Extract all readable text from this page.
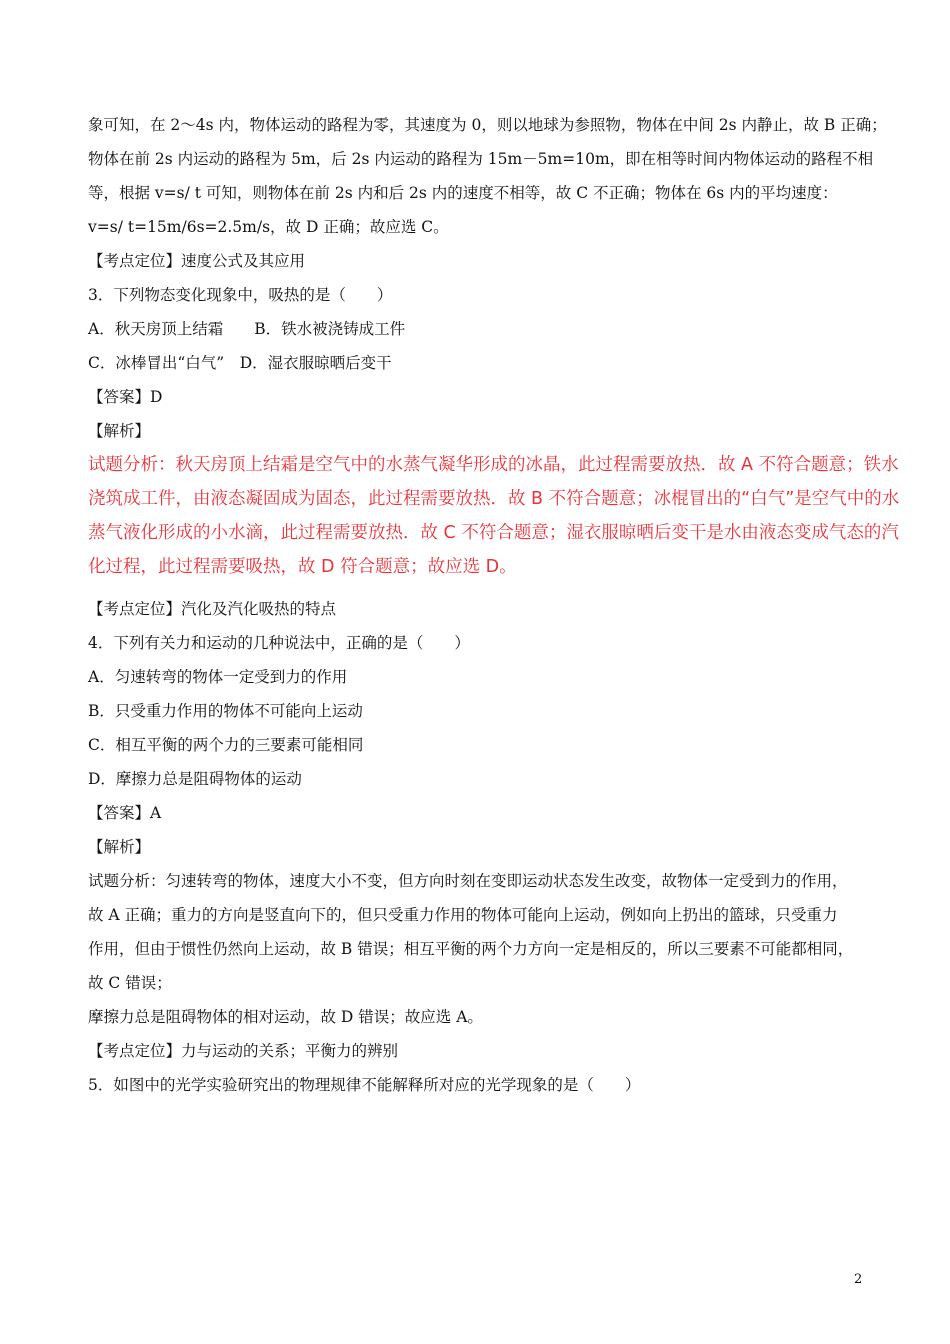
象可知，在 2～4s 内，物体运动的路程为零，其速度为 0，则以地球为参照物，物体在中间 2s 内静止，故 B 正确；
物体在前 2s 内运动的路程为 5m，后 2s 内运动的路程为 15m－5m=10m，即在相等时间内物体运动的路程不相
等，根据 v=s/ t 可知，则物体在前 2s 内和后 2s 内的速度不相等，故 C 不正确；物体在 6s 内的平均速度：
v=s/ t=15m/6s=2.5m/s，故 D 正确；故应选 C。
【考点定位】速度公式及其应用
3．下列物态变化现象中，吸热的是（　　）
A．秋天房顶上结霜　　B．铁水被浇铸成工件
C．冰棒冒出“白气”　D．湿衣服晾晒后变干
【答案】D
【解析】
试题分析：秋天房顶上结霜是空气中的水蒸气凝华形成的冰晶，此过程需要放热．故 A 不符合题意；铁水
浇筑成工件，由液态凝固成为固态，此过程需要放热．故 B 不符合题意；冰棍冒出的“白气”是空气中的水
蒸气液化形成的小水滴，此过程需要放热．故 C 不符合题意；湿衣服晾晒后变干是水由液态变成气态的汽
化过程，此过程需要吸热，故 D 符合题意；故应选 D。
【考点定位】汽化及汽化吸热的特点
4．下列有关力和运动的几种说法中，正确的是（　　）
A．匀速转弯的物体一定受到力的作用
B．只受重力作用的物体不可能向上运动
C．相互平衡的两个力的三要素可能相同
D．摩擦力总是阻碍物体的运动
【答案】A
【解析】
试题分析：匀速转弯的物体，速度大小不变，但方向时刻在变即运动状态发生改变，故物体一定受到力的作用，
故 A 正确；重力的方向是竖直向下的，但只受重力作用的物体可能向上运动，例如向上扔出的篮球，只受重力
作用，但由于惯性仍然向上运动，故 B 错误；相互平衡的两个力方向一定是相反的，所以三要素不可能都相同，
故 C 错误；
摩擦力总是阻碍物体的相对运动，故 D 错误；故应选 A。
【考点定位】力与运动的关系；平衡力的辨别
5．如图中的光学实验研究出的物理规律不能解释所对应的光学现象的是（　　）
2
